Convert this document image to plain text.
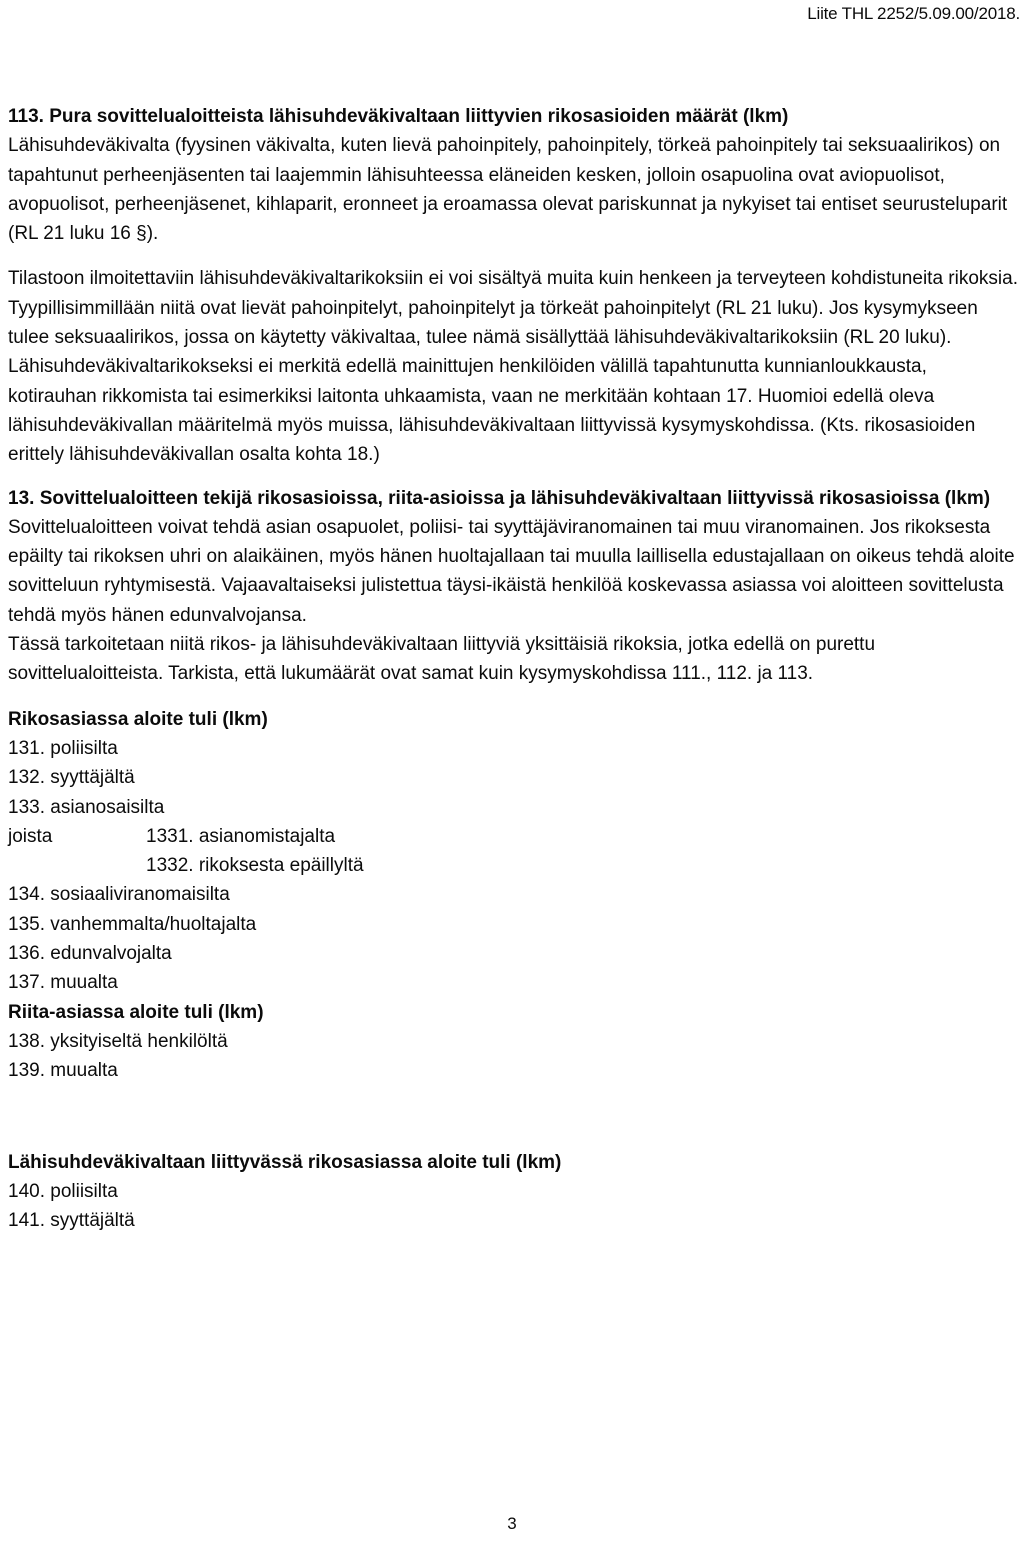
Liite THL 2252/5.09.00/2018.

113. Pura sovittelualoitteista lähisuhdeväkivaltaan liittyvien rikosasioiden määrät (lkm)

Lähisuhdeväkivalta (fyysinen väkivalta, kuten lievä pahoinpitely, pahoinpitely, törkeä pahoinpitely tai seksuaalirikos) on tapahtunut perheenjäsenten tai laajemmin lähisuhteessa eläneiden kesken, jolloin osapuolina ovat aviopuolisot, avopuolisot, perheenjäsenet, kihlaparit, eronneet ja eroamassa olevat pariskunnat ja nykyiset tai entiset seurusteluparit (RL 21 luku 16 §).

Tilastoon ilmoitettaviin lähisuhdeväkivaltarikoksiin ei voi sisältyä muita kuin henkeen ja terveyteen kohdistuneita rikoksia. Tyypillisimmillään niitä ovat lievät pahoinpitelyt, pahoinpitelyt ja törkeät pahoinpitelyt (RL 21 luku). Jos kysymykseen tulee seksuaalirikos, jossa on käytetty väkivaltaa, tulee nämä sisällyttää lähisuhdeväkivaltarikoksiin (RL 20 luku). Lähisuhdeväkivaltarikokseksi ei merkitä edellä mainittujen henkilöiden välillä tapahtunutta kunnianloukkausta, kotirauhan rikkomista tai esimerkiksi laitonta uhkaamista, vaan ne merkitään kohtaan 17. Huomioi edellä oleva lähisuhdeväkivallan määritelmä myös muissa, lähisuhdeväkivaltaan liittyvissä kysymyskohdissa. (Kts. rikosasioiden erittely lähisuhdeväkivallan osalta kohta 18.)

13. Sovittelualoitteen tekijä rikosasioissa, riita-asioissa ja lähisuhdeväkivaltaan liittyvissä rikosasioissa (lkm)

Sovittelualoitteen voivat tehdä asian osapuolet, poliisi- tai syyttäjäviranomainen tai muu viranomainen. Jos rikoksesta epäilty tai rikoksen uhri on alaikäinen, myös hänen huoltajallaan tai muulla laillisella edustajallaan on oikeus tehdä aloite sovitteluun ryhtymisestä. Vajaavaltaiseksi julistettua täysi-ikäistä henkilöä koskevassa asiassa voi aloitteen sovittelusta tehdä myös hänen edunvalvojansa.

Tässä tarkoitetaan niitä rikos- ja lähisuhdeväkivaltaan liittyviä yksittäisiä rikoksia, jotka edellä on purettu sovittelualoitteista. Tarkista, että lukumäärät ovat samat kuin kysymyskohdissa 111., 112. ja 113.

Rikosasiassa aloite tuli (lkm)

131. poliisilta

132. syyttäjältä

133. asianosaisilta

joista	1331. asianomistajalta

1332. rikoksesta epäillyltä

134. sosiaaliviranomaisilta

135. vanhemmalta/huoltajalta

136. edunvalvojalta

137. muualta

Riita-asiassa aloite tuli (lkm)

138. yksityiseltä henkilöltä

139. muualta

Lähisuhdeväkivaltaan liittyvässä rikosasiassa aloite tuli (lkm)

140. poliisilta

141. syyttäjältä

3
